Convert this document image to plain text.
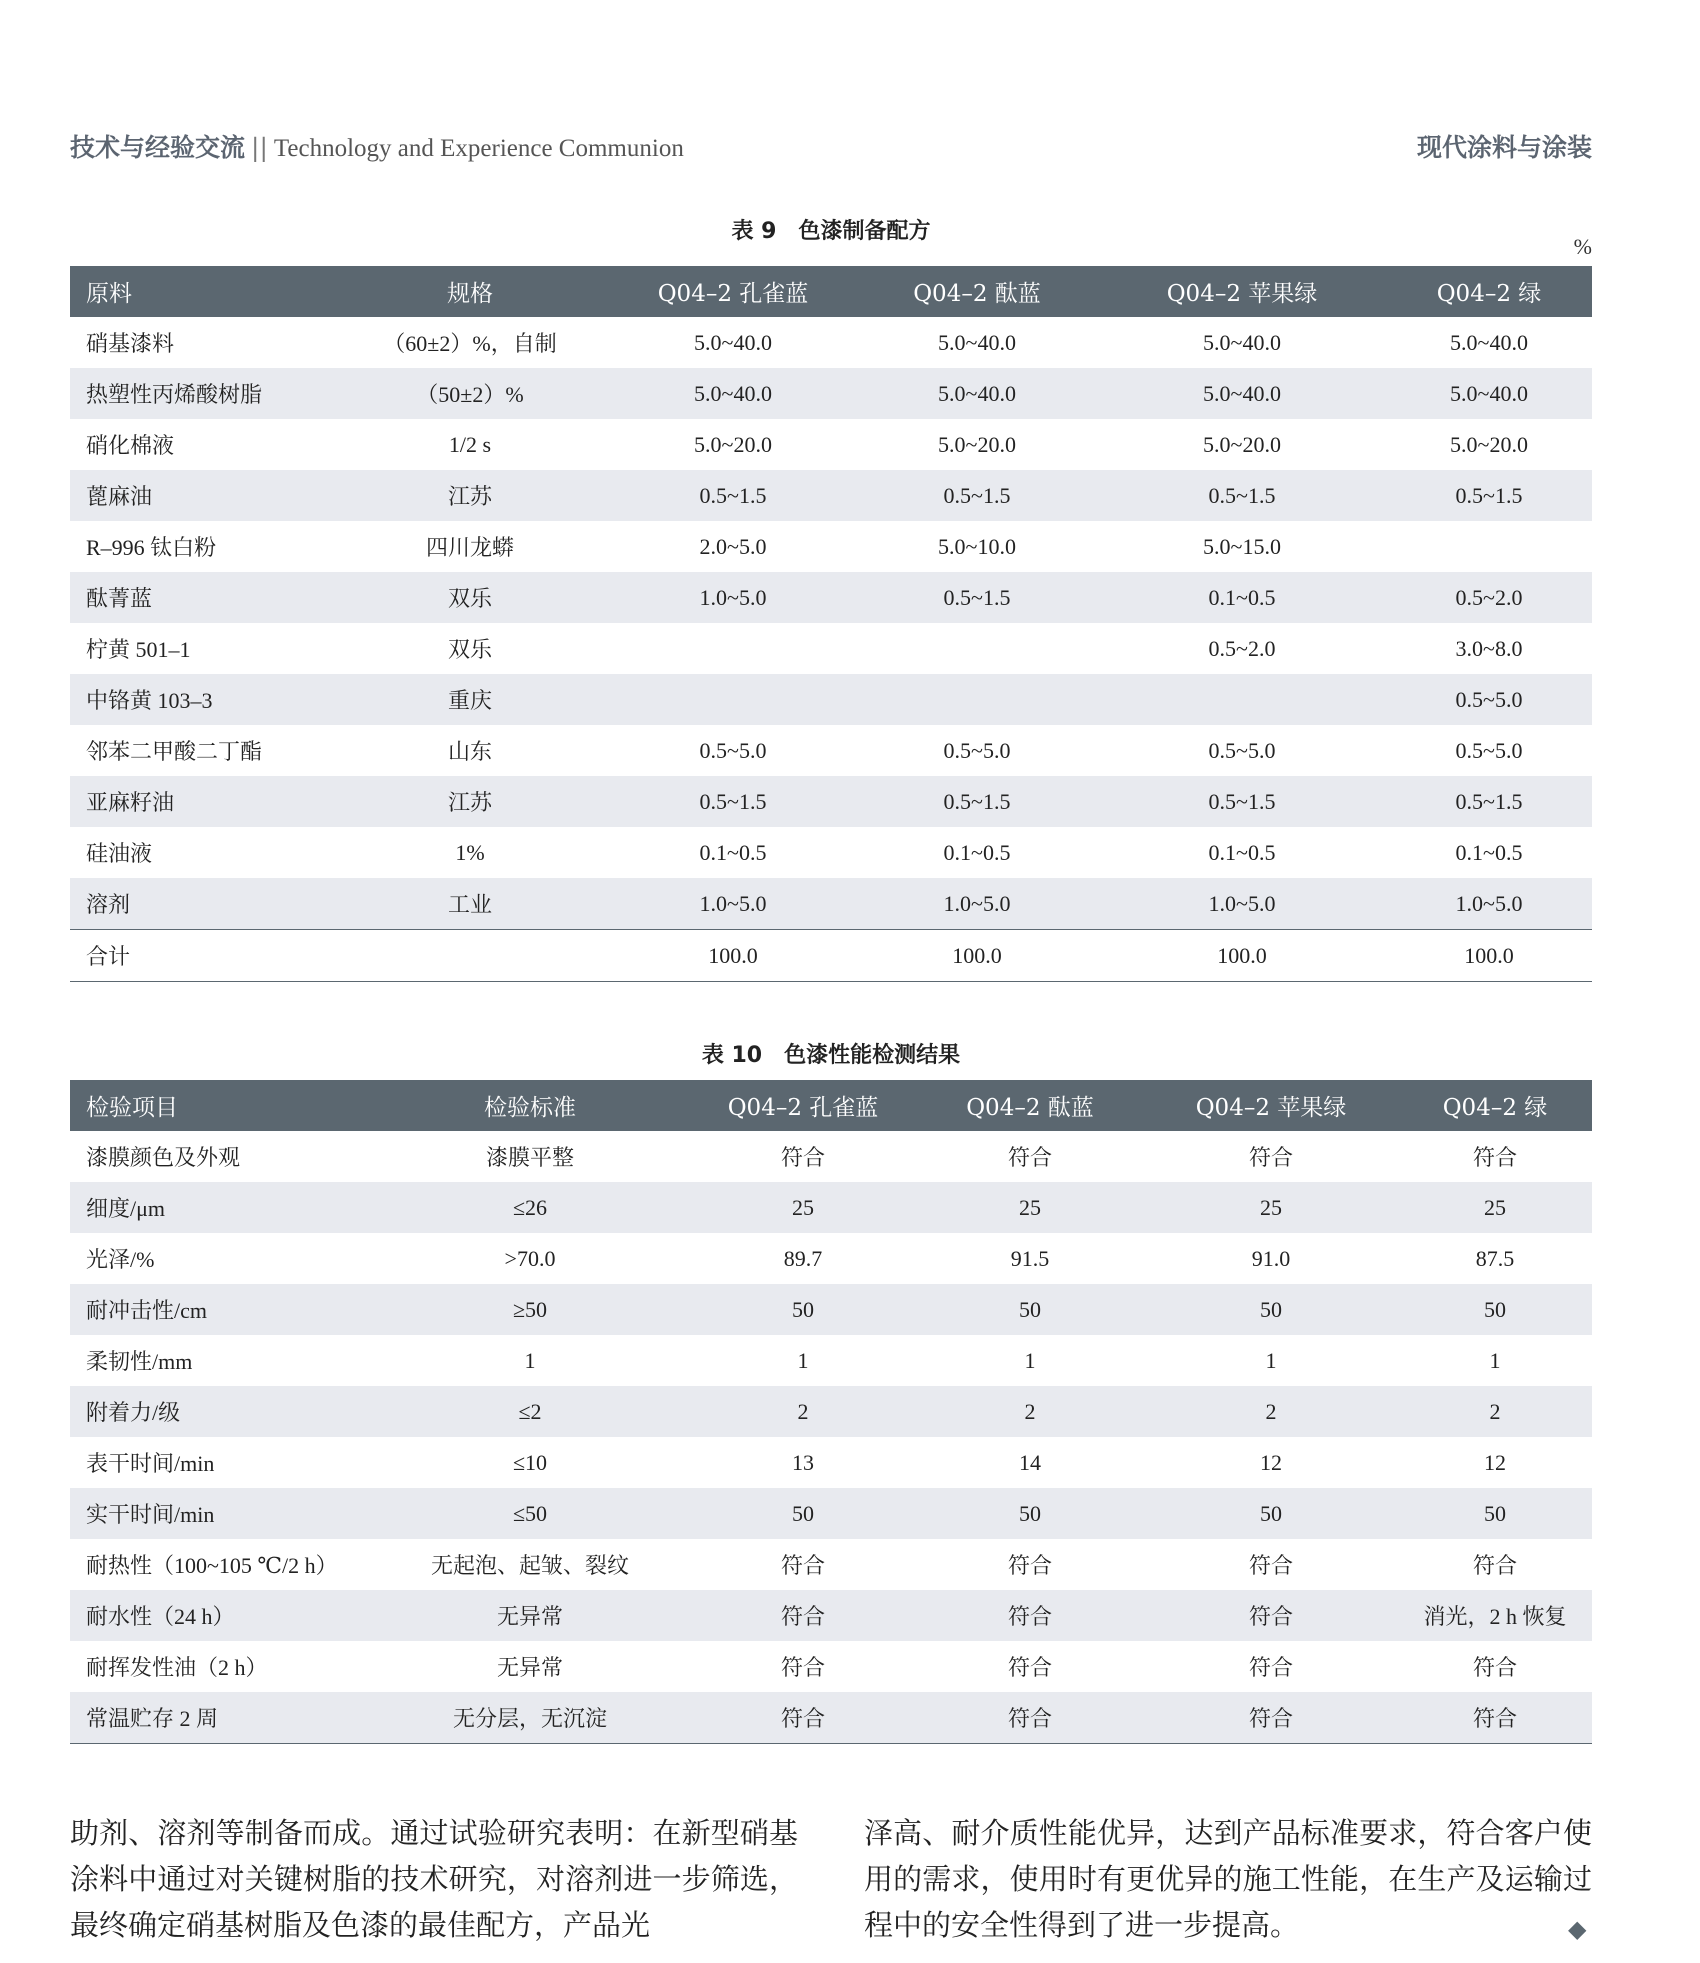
技术与经验交流 || Technology and Experience Communion	现代涂料与涂装
表 9 色漆制备配方
%
原料	规格	Q04–2 孔雀蓝	Q04–2 酞蓝	Q04–2 苹果绿	Q04–2 绿
硝基漆料	（60±2）%，自制	5.0~40.0	5.0~40.0	5.0~40.0	5.0~40.0
热塑性丙烯酸树脂	（50±2）%	5.0~40.0	5.0~40.0	5.0~40.0	5.0~40.0
硝化棉液	1/2 s	5.0~20.0	5.0~20.0	5.0~20.0	5.0~20.0
蓖麻油	江苏	0.5~1.5	0.5~1.5	0.5~1.5	0.5~1.5
R–996 钛白粉	四川龙蟒	2.0~5.0	5.0~10.0	5.0~15.0	
酞菁蓝	双乐	1.0~5.0	0.5~1.5	0.1~0.5	0.5~2.0
柠黄 501–1	双乐			0.5~2.0	3.0~8.0
中铬黄 103–3	重庆				0.5~5.0
邻苯二甲酸二丁酯	山东	0.5~5.0	0.5~5.0	0.5~5.0	0.5~5.0
亚麻籽油	江苏	0.5~1.5	0.5~1.5	0.5~1.5	0.5~1.5
硅油液	1%	0.1~0.5	0.1~0.5	0.1~0.5	0.1~0.5
溶剂	工业	1.0~5.0	1.0~5.0	1.0~5.0	1.0~5.0
合计		100.0	100.0	100.0	100.0
表 10 色漆性能检测结果
检验项目	检验标准	Q04–2 孔雀蓝	Q04–2 酞蓝	Q04–2 苹果绿	Q04–2 绿
漆膜颜色及外观	漆膜平整	符合	符合	符合	符合
细度/μm	≤26	25	25	25	25
光泽/%	>70.0	89.7	91.5	91.0	87.5
耐冲击性/cm	≥50	50	50	50	50
柔韧性/mm	1	1	1	1	1
附着力/级	≤2	2	2	2	2
表干时间/min	≤10	13	14	12	12
实干时间/min	≤50	50	50	50	50
耐热性（100~105 ℃/2 h）	无起泡、起皱、裂纹	符合	符合	符合	符合
耐水性（24 h）	无异常	符合	符合	符合	消光，2 h 恢复
耐挥发性油（2 h）	无异常	符合	符合	符合	符合
常温贮存 2 周	无分层，无沉淀	符合	符合	符合	符合
助剂、溶剂等制备而成。通过试验研究表明：在新型硝基涂料中通过对关键树脂的技术研究，对溶剂进一步筛选，最终确定硝基树脂及色漆的最佳配方，产品光
泽高、耐介质性能优异，达到产品标准要求，符合客户使用的需求，使用时有更优异的施工性能，在生产及运输过程中的安全性得到了进一步提高。	◆
